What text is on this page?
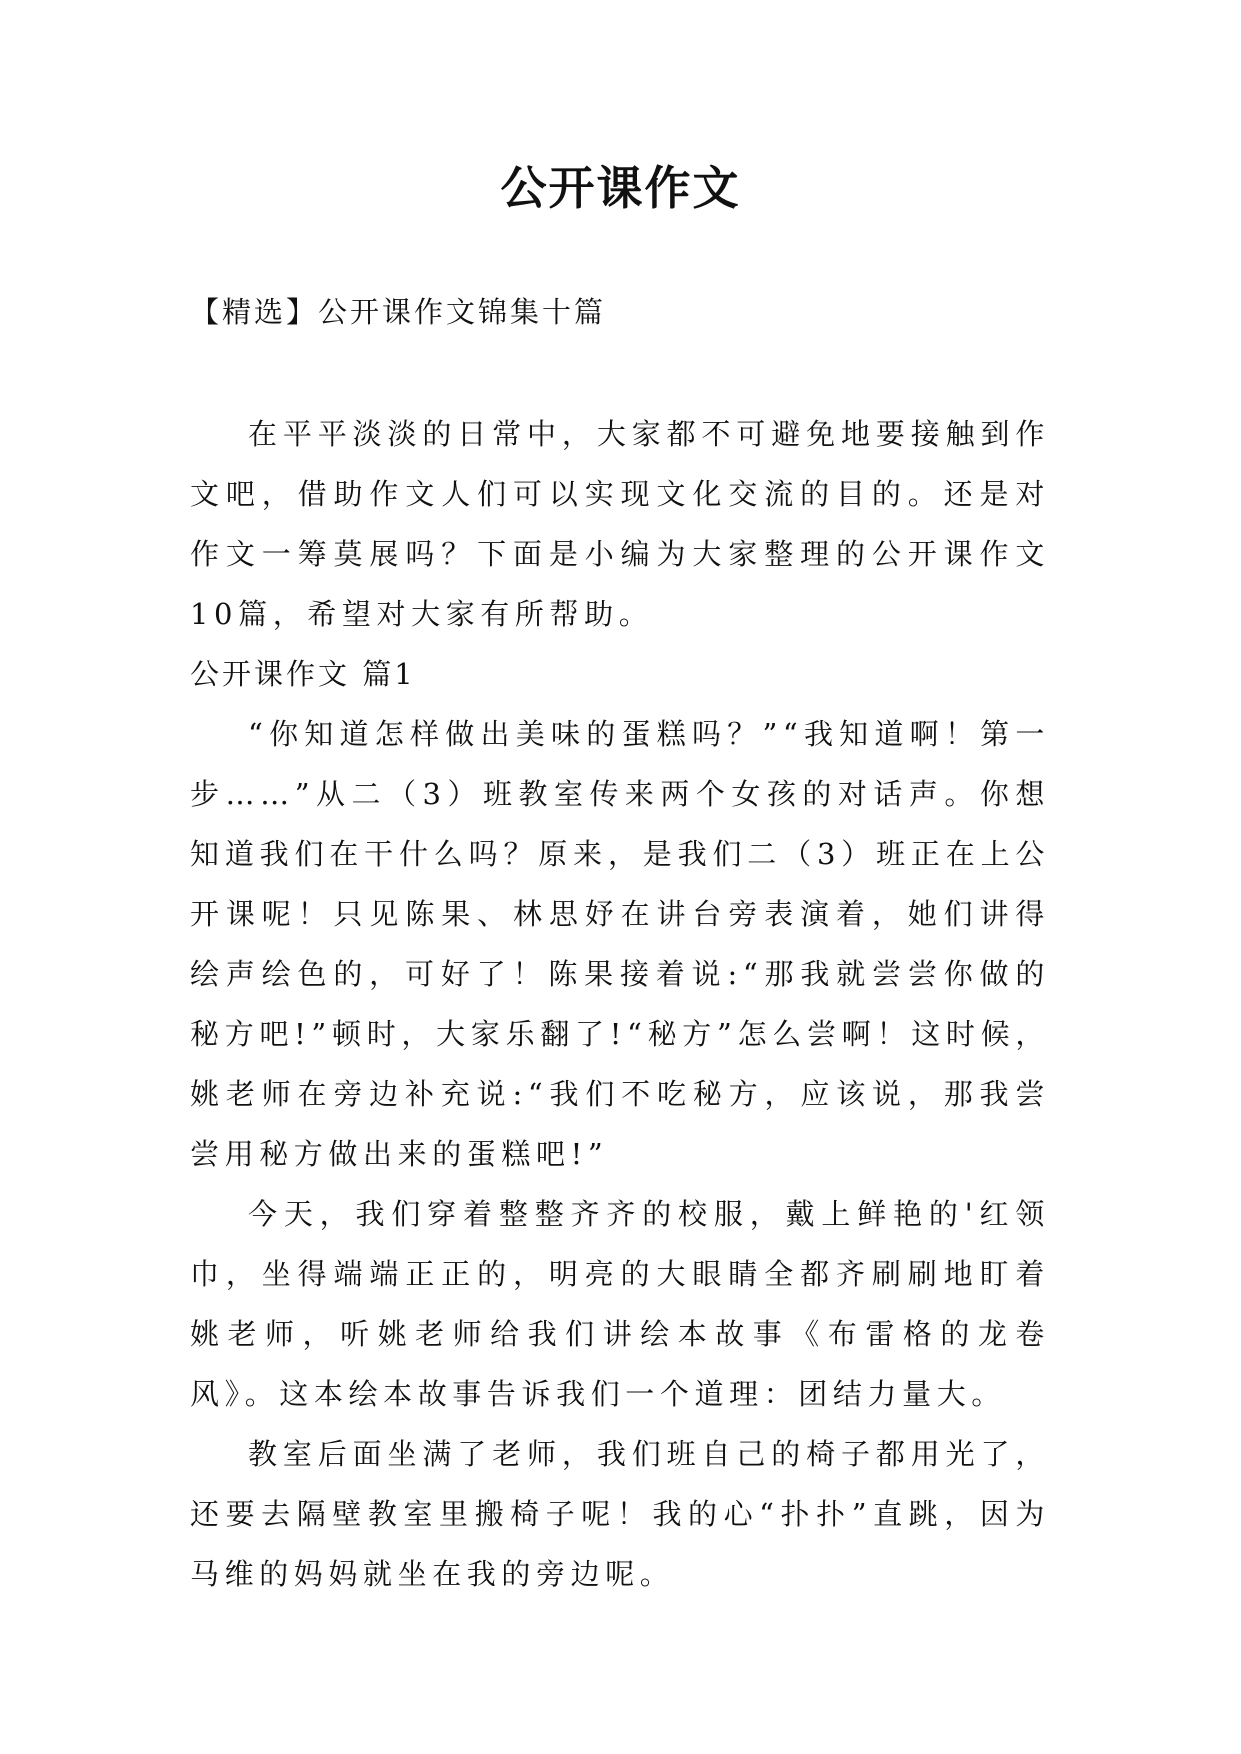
公开课作文

【精选】公开课作文锦集十篇

在平平淡淡的日常中，大家都不可避免地要接触到作文吧，借助作文人们可以实现文化交流的目的。还是对作文一筹莫展吗？下面是小编为大家整理的公开课作文10篇，希望对大家有所帮助。

公开课作文 篇1

“你知道怎样做出美味的蛋糕吗？”“我知道啊！第一步……”从二（3）班教室传来两个女孩的对话声。你想知道我们在干什么吗？原来，是我们二（3）班正在上公开课呢！只见陈果、林思妤在讲台旁表演着，她们讲得绘声绘色的，可好了！陈果接着说:“那我就尝尝你做的秘方吧!”顿时，大家乐翻了!“秘方”怎么尝啊！这时候，姚老师在旁边补充说:“我们不吃秘方，应该说，那我尝尝用秘方做出来的蛋糕吧!”

今天，我们穿着整整齐齐的校服，戴上鲜艳的'红领巾，坐得端端正正的，明亮的大眼睛全都齐刷刷地盯着姚老师，听姚老师给我们讲绘本故事《布雷格的龙卷风》。这本绘本故事告诉我们一个道理：团结力量大。

教室后面坐满了老师，我们班自己的椅子都用光了，还要去隔壁教室里搬椅子呢！我的心“扑扑”直跳，因为马维的妈妈就坐在我的旁边呢。
